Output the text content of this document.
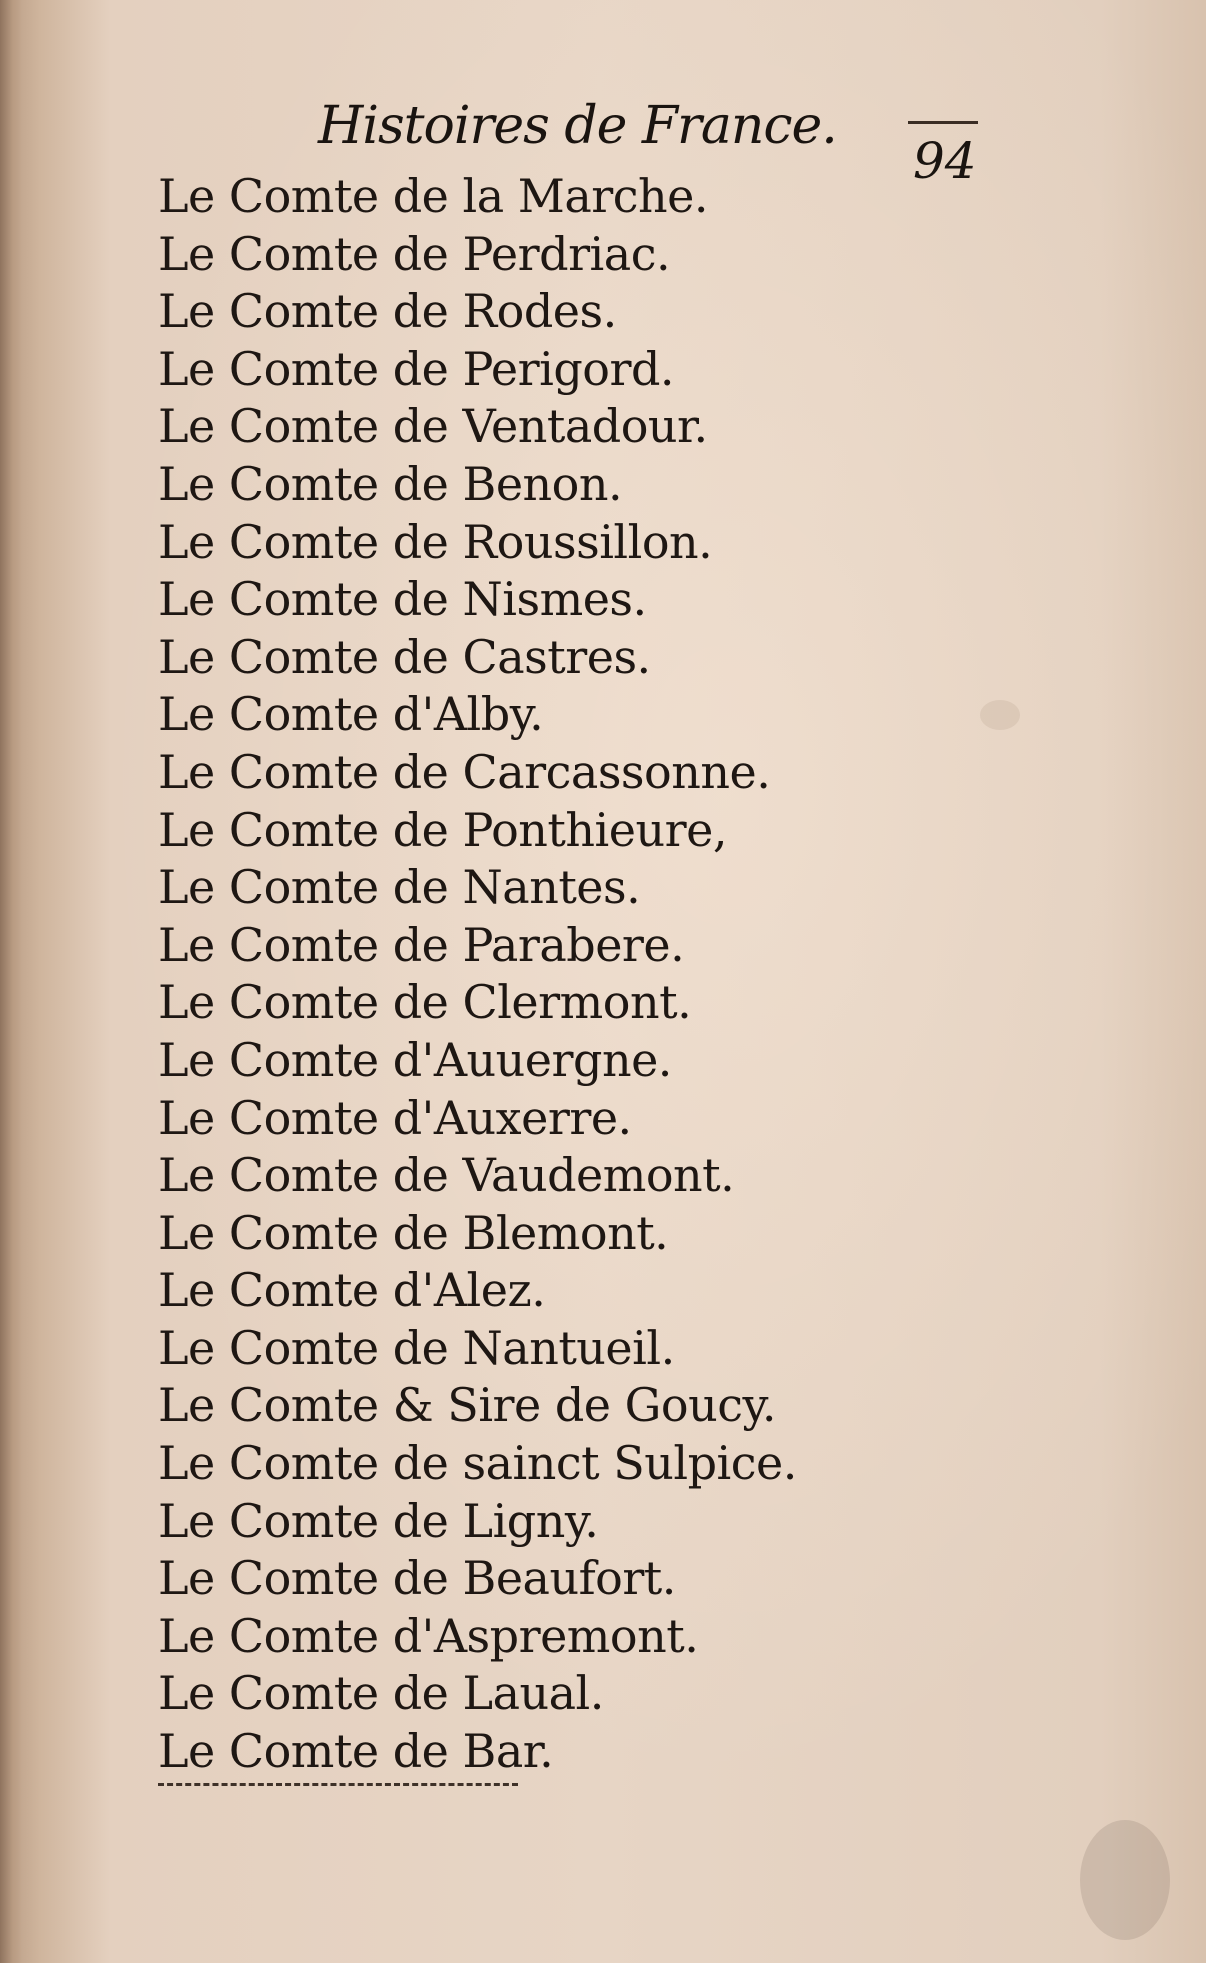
Histoires de France.
94
Le Comte de la Marche.
Le Comte de Perdriac.
Le Comte de Rodes.
Le Comte de Perigord.
Le Comte de Ventadour.
Le Comte de Benon.
Le Comte de Roussillon.
Le Comte de Nismes.
Le Comte de Castres.
Le Comte d'Alby.
Le Comte de Carcassonne.
Le Comte de Ponthieure,
Le Comte de Nantes.
Le Comte de Parabere.
Le Comte de Clermont.
Le Comte d'Auuergne.
Le Comte d'Auxerre.
Le Comte de Vaudemont.
Le Comte de Blemont.
Le Comte d'Alez.
Le Comte de Nantueil.
Le Comte & Sire de Goucy.
Le Comte de sainct Sulpice.
Le Comte de Ligny.
Le Comte de Beaufort.
Le Comte d'Aspremont.
Le Comte de Laual.
Le Comte de Bar.
